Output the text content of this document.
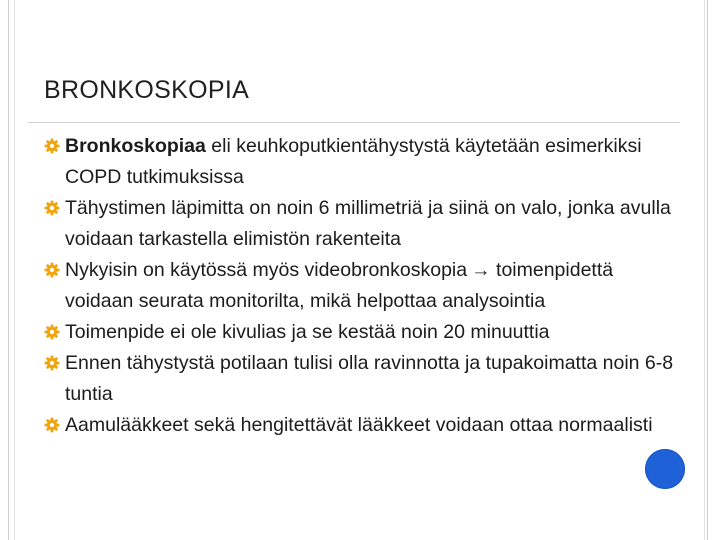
BRONKOSKOPIA
Bronkoskopiaa eli keuhkoputkientähystystä käytetään esimerkiksi COPD tutkimuksissa
Tähystimen läpimitta on noin 6 millimetriä ja siinä on valo, jonka avulla voidaan tarkastella elimistön rakenteita
Nykyisin on käytössä myös videobronkoskopia → toimenpidettä voidaan seurata monitorilta, mikä helpottaa analysointia
Toimenpide ei ole kivulias ja se kestää noin 20 minuuttia
Ennen tähystystä potilaan tulisi olla ravinnotta ja tupakoimatta noin 6-8 tuntia
Aamulääkkeet sekä hengitettävät lääkkeet voidaan ottaa normaalisti
